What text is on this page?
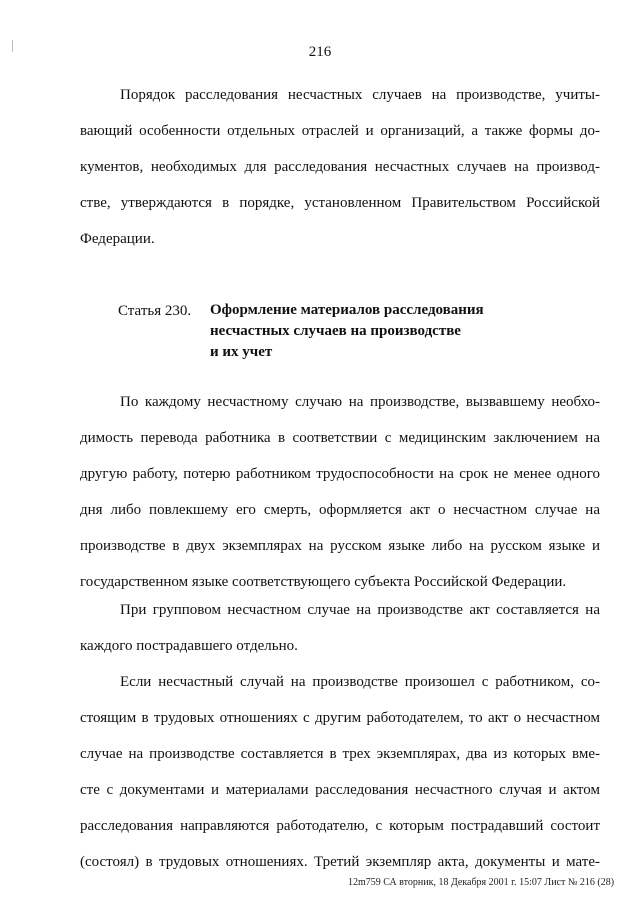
216
Порядок расследования несчастных случаев на производстве, учиты-
вающий особенности отдельных отраслей и организаций, а также формы до-
кументов, необходимых для расследования несчастных случаев на производ-
стве, утверждаются в порядке, установленном Правительством Российской
Федерации.
Статья 230. Оформление материалов расследования
несчастных случаев на производстве
и их учет
По каждому несчастному случаю на производстве, вызвавшему необхо-
димость перевода работника в соответствии с медицинским заключением на
другую работу, потерю работником трудоспособности на срок не менее одного
дня либо повлекшему его смерть, оформляется акт о несчастном случае на
производстве в двух экземплярах на русском языке либо на русском языке и
государственном языке соответствующего субъекта Российской Федерации.
При групповом несчастном случае на производстве акт составляется на
каждого пострадавшего отдельно.
Если несчастный случай на производстве произошел с работником, со-
стоящим в трудовых отношениях с другим работодателем, то акт о несчастном
случае на производстве составляется в трех экземплярах, два из которых вме-
сте с документами и материалами расследования несчастного случая и актом
расследования направляются работодателю, с которым пострадавший состоит
(состоял) в трудовых отношениях. Третий экземпляр акта, документы и мате-
12m759 СА вторник, 18 Декабря 2001 г. 15:07 Лист № 216 (28)
